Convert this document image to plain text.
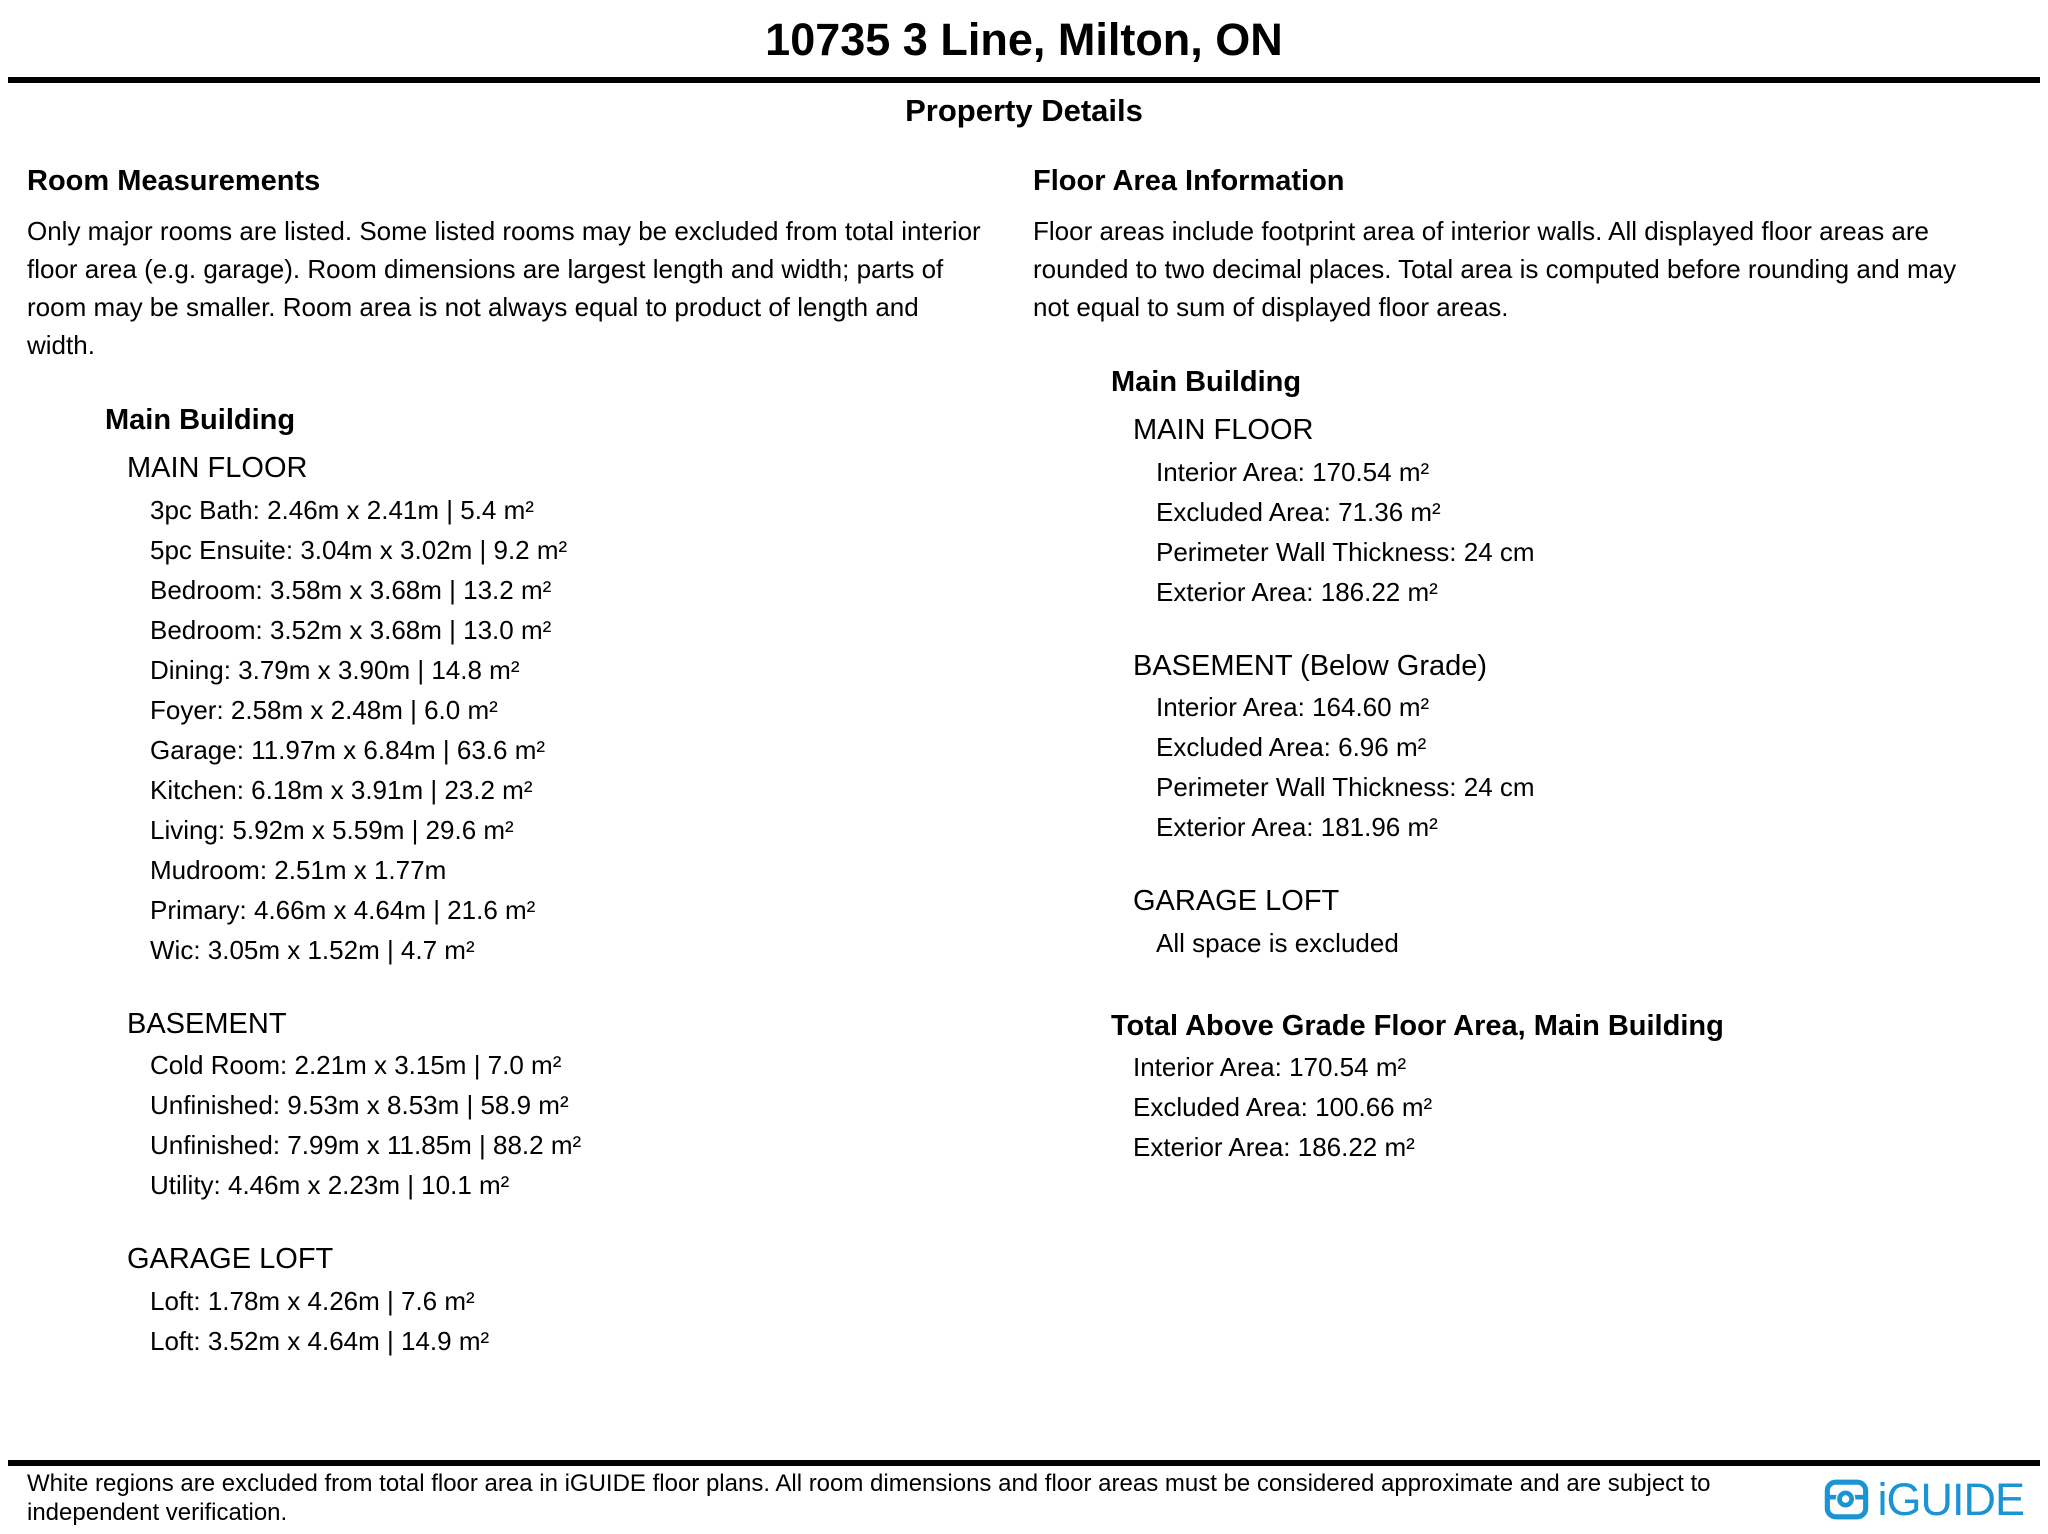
10735 3 Line, Milton, ON
Property Details
Room Measurements

Only major rooms are listed. Some listed rooms may be excluded from total interior floor area (e.g. garage). Room dimensions are largest length and width; parts of room may be smaller. Room area is not always equal to product of length and width.

Main Building
MAIN FLOOR
3pc Bath: 2.46m x 2.41m | 5.4 m²
5pc Ensuite: 3.04m x 3.02m | 9.2 m²
Bedroom: 3.58m x 3.68m | 13.2 m²
Bedroom: 3.52m x 3.68m | 13.0 m²
Dining: 3.79m x 3.90m | 14.8 m²
Foyer: 2.58m x 2.48m | 6.0 m²
Garage: 11.97m x 6.84m | 63.6 m²
Kitchen: 6.18m x 3.91m | 23.2 m²
Living: 5.92m x 5.59m | 29.6 m²
Mudroom: 2.51m x 1.77m
Primary: 4.66m x 4.64m | 21.6 m²
Wic: 3.05m x 1.52m | 4.7 m²
BASEMENT
Cold Room: 2.21m x 3.15m | 7.0 m²
Unfinished: 9.53m x 8.53m | 58.9 m²
Unfinished: 7.99m x 11.85m | 88.2 m²
Utility: 4.46m x 2.23m | 10.1 m²
GARAGE LOFT
Loft: 1.78m x 4.26m | 7.6 m²
Loft: 3.52m x 4.64m | 14.9 m²
Floor Area Information

Floor areas include footprint area of interior walls. All displayed floor areas are rounded to two decimal places. Total area is computed before rounding and may not equal to sum of displayed floor areas.

Main Building
MAIN FLOOR
Interior Area: 170.54 m²
Excluded Area: 71.36 m²
Perimeter Wall Thickness: 24 cm
Exterior Area: 186.22 m²
BASEMENT (Below Grade)
Interior Area: 164.60 m²
Excluded Area: 6.96 m²
Perimeter Wall Thickness: 24 cm
Exterior Area: 181.96 m²
GARAGE LOFT
All space is excluded
Total Above Grade Floor Area, Main Building
Interior Area: 170.54 m²
Excluded Area: 100.66 m²
Exterior Area: 186.22 m²

White regions are excluded from total floor area in iGUIDE floor plans. All room dimensions and floor areas must be considered approximate and are subject to independent verification.	iGUIDE
